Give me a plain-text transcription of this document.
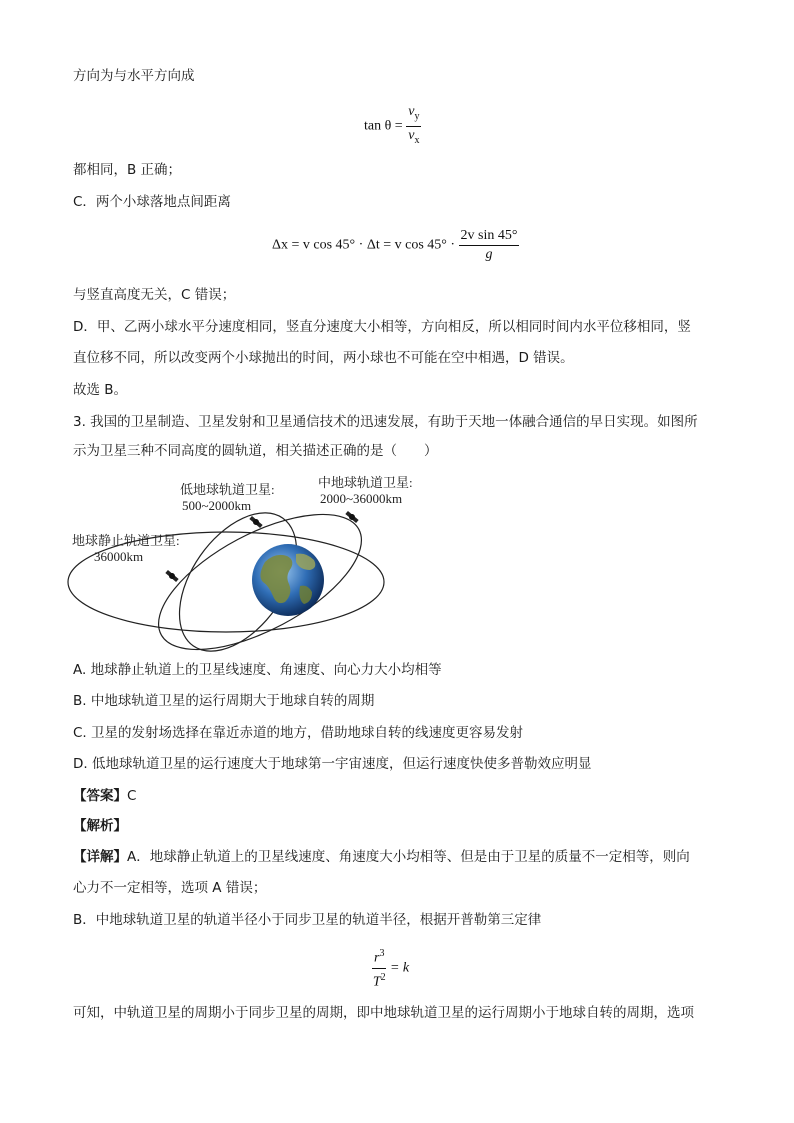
方向为与水平方向成
$\tan \theta = \frac{v_y}{v_x}$
都相同，B 正确；
C．两个小球落地点间距离
Δx = v cos 45° · Δt = v $\cos 45^\circ \cdot \frac{\text{2v sin 45°}}{g}$
与竖直高度无关，C 错误；
D．甲、乙两小球水平分速度相同，竖直分速度大小相等，方向相反，所以相同时间内水平位移相同，竖
直位移不同，所以改变两个小球抛出的时间，两小球也不可能在空中相遇，D 错误。
故选 B。
3. 我国的卫星制造、卫星发射和卫星通信技术的迅速发展，有助于天地一体融合通信的早日实现。如图所
示为卫星三种不同高度的圆轨道，相关描述正确的是（　　）
低地球轨道卫星:
500~2000km
中地球轨道卫星:
2000~36000km
地球静止轨道卫星:
36000km
A. 地球静止轨道上的卫星线速度、角速度、向心力大小均相等
B. 中地球轨道卫星的运行周期大于地球自转的周期
C. 卫星的发射场选择在靠近赤道的地方，借助地球自转的线速度更容易发射
D. 低地球轨道卫星的运行速度大于地球第一宇宙速度，但运行速度快使多普勒效应明显
【答案】C
【解析】
【详解】A．地球静止轨道上的卫星线速度、角速度大小均相等、但是由于卫星的质量不一定相等，则向
心力不一定相等，选项 A 错误；
B．中地球轨道卫星的轨道半径小于同步卫星的轨道半径，根据开普勒第三定律
$\frac{r^3}{T^2} = k$
可知，中轨道卫星的周期小于同步卫星的周期，即中地球轨道卫星的运行周期小于地球自转的周期，选项
